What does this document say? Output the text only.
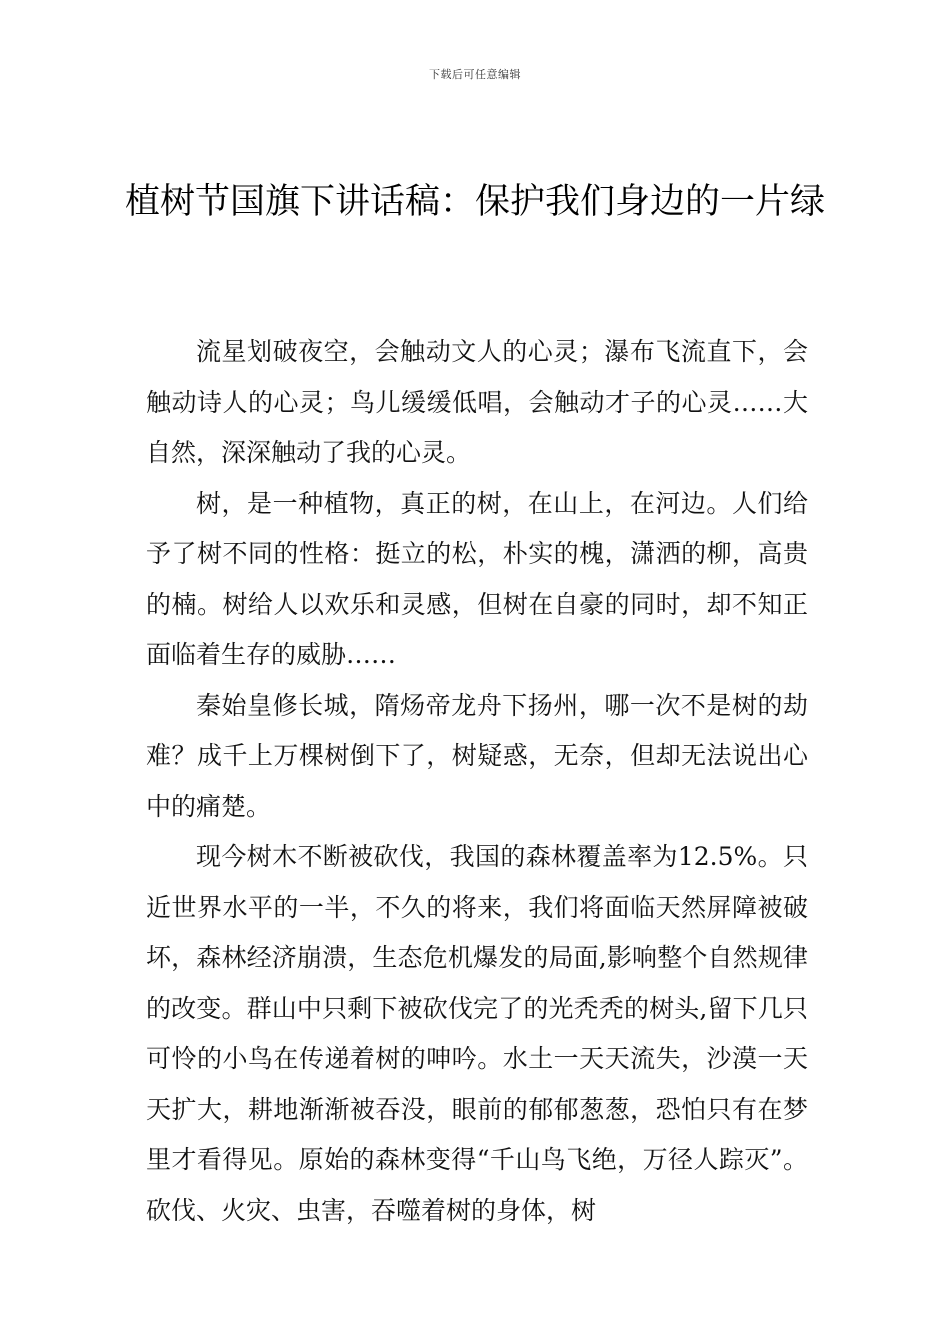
下载后可任意编辑
植树节国旗下讲话稿：保护我们身边的一片绿

流星划破夜空，会触动文人的心灵；瀑布飞流直下，会触动诗人的心灵；鸟儿缓缓低唱，会触动才子的心灵……大自然，深深触动了我的心灵。

树，是一种植物，真正的树，在山上，在河边。人们给予了树不同的性格：挺立的松，朴实的槐，潇洒的柳，高贵的楠。树给人以欢乐和灵感，但树在自豪的同时，却不知正面临着生存的威胁……

秦始皇修长城，隋炀帝龙舟下扬州，哪一次不是树的劫难？成千上万棵树倒下了，树疑惑，无奈，但却无法说出心中的痛楚。

现今树木不断被砍伐，我国的森林覆盖率为12.5%。只近世界水平的一半，不久的将来，我们将面临天然屏障被破坏，森林经济崩溃，生态危机爆发的局面,影响整个自然规律的改变。群山中只剩下被砍伐完了的光秃秃的树头,留下几只可怜的小鸟在传递着树的呻吟。水土一天天流失，沙漠一天天扩大，耕地渐渐被吞没，眼前的郁郁葱葱，恐怕只有在梦里才看得见。原始的森林变得“千山鸟飞绝，万径人踪灭”。砍伐、火灾、虫害，吞噬着树的身体，树
